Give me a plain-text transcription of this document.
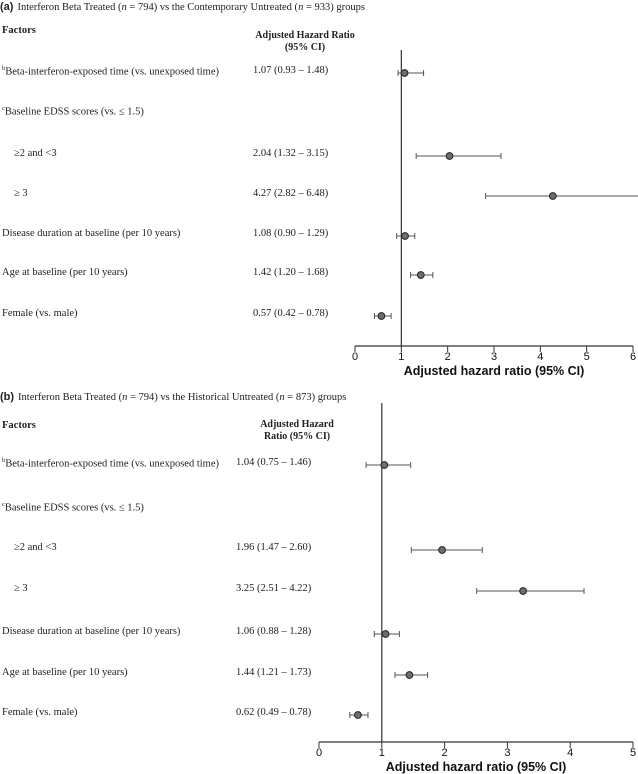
(a) Interferon Beta Treated (n = 794) vs the Contemporary Untreated (n = 933) groups
Factors	Adjusted Hazard Ratio
(95% CI)
$^b$Beta-interferon-exposed time (vs. unexposed time)	1.07 (0.93 – 1.48)
$^c$Baseline EDSS scores (vs. ≤ 1.5)
≥2 and <3	2.04 (1.32 – 3.15)
≥ 3	4.27 (2.82 – 6.48)
Disease duration at baseline (per 10 years)	1.08 (0.90 – 1.29)
Age at baseline (per 10 years)	1.42 (1.20 – 1.68)
Female (vs. male)	0.57 (0.42 – 0.78)
0	1	2	3	4	5	6
Adjusted hazard ratio (95% CI)
(b) Interferon Beta Treated (n = 794) vs the Historical Untreated (n = 873) groups
Factors	Adjusted Hazard
Ratio (95% CI)
$^b$Beta-interferon-exposed time (vs. unexposed time) 1.04 (0.75 – 1.46)
$^c$Baseline EDSS scores (vs. ≤ 1.5)
≥2 and <3	1.96 (1.47 – 2.60)
≥ 3	3.25 (2.51 – 4.22)
Disease duration at baseline (per 10 years)	1.06 (0.88 – 1.28)
Age at baseline (per 10 years)	1.44 (1.21 – 1.73)
Female (vs. male)	0.62 (0.49 – 0.78)
0	1	2	3	4	5
Adjusted hazard ratio (95% CI)
